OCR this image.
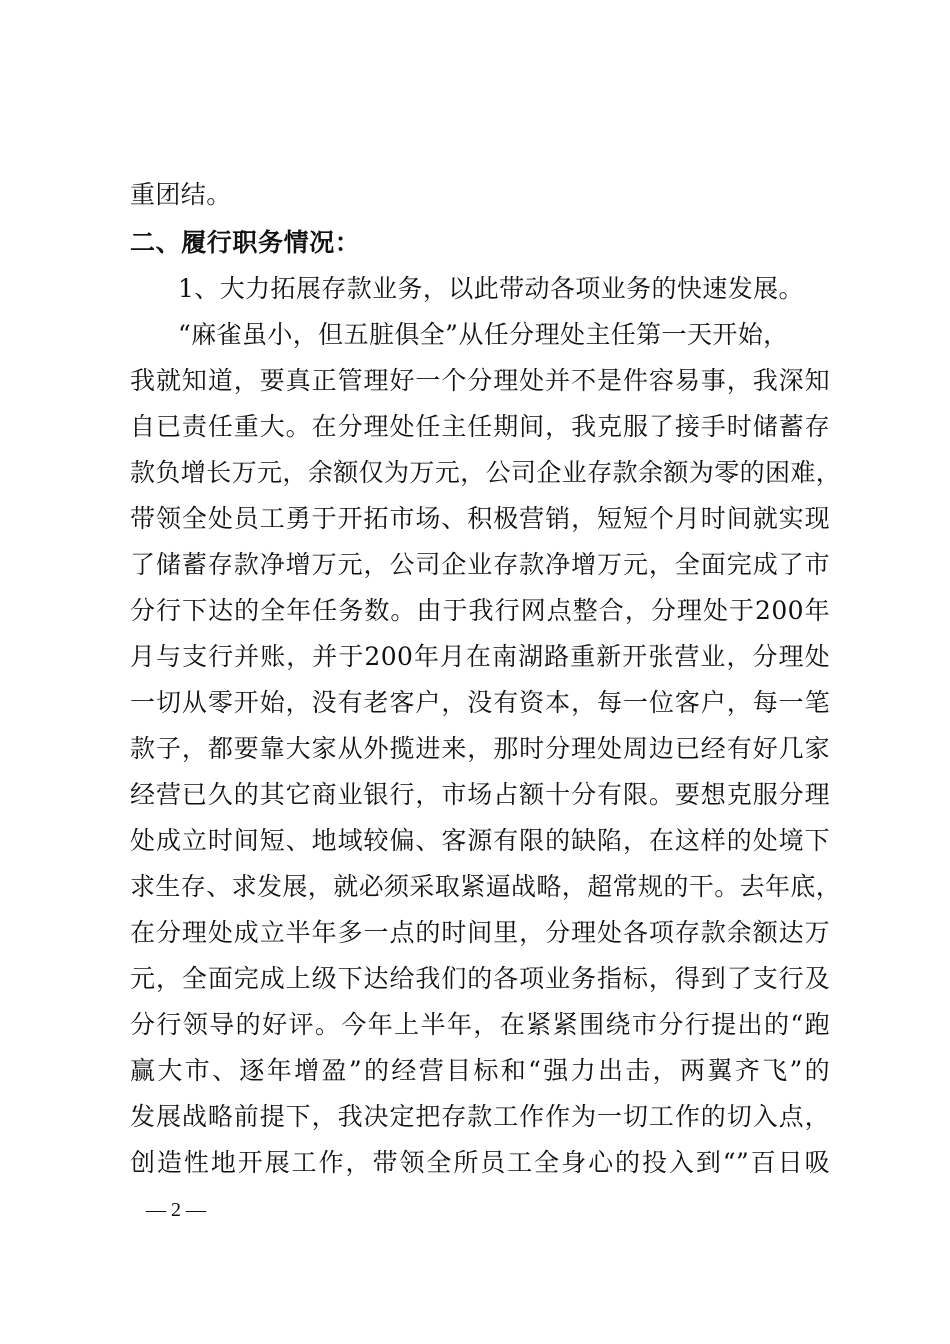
重团结。
二、履行职务情况：
1、大力拓展存款业务，以此带动各项业务的快速发展。
“麻雀虽小，但五脏俱全”从任分理处主任第一天开始，
我就知道，要真正管理好一个分理处并不是件容易事，我深知
自已责任重大。在分理处任主任期间，我克服了接手时储蓄存
款负增长万元，余额仅为万元，公司企业存款余额为零的困难，
带领全处员工勇于开拓市场、积极营销，短短个月时间就实现
了储蓄存款净增万元，公司企业存款净增万元，全面完成了市
分行下达的全年任务数。由于我行网点整合，分理处于200年
月与支行并账，并于200年月在南湖路重新开张营业，分理处
一切从零开始，没有老客户，没有资本，每一位客户，每一笔
款子，都要靠大家从外揽进来，那时分理处周边已经有好几家
经营已久的其它商业银行，市场占额十分有限。要想克服分理
处成立时间短、地域较偏、客源有限的缺陷，在这样的处境下
求生存、求发展，就必须采取紧逼战略，超常规的干。去年底，
在分理处成立半年多一点的时间里，分理处各项存款余额达万
元，全面完成上级下达给我们的各项业务指标，得到了支行及
分行领导的好评。今年上半年，在紧紧围绕市分行提出的“跑
赢大市、逐年增盈”的经营目标和“强力出击，两翼齐飞”的
发展战略前提下，我决定把存款工作作为一切工作的切入点，
创造性地开展工作，带领全所员工全身心的投入到“”百日吸
— 2 —
